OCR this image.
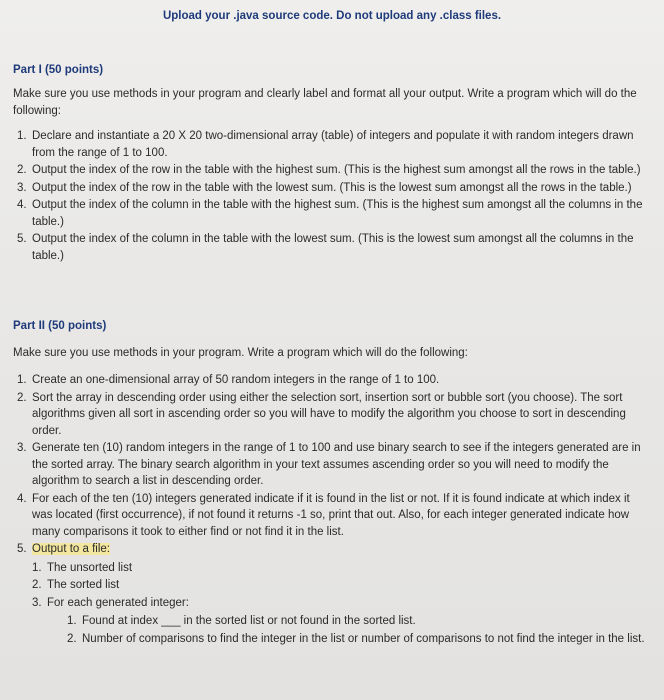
Upload your .java source code. Do not upload any .class files.
Part I (50 points)
Make sure you use methods in your program and clearly label and format all your output. Write a program which will do the following:
1. Declare and instantiate a 20 X 20 two-dimensional array (table) of integers and populate it with random integers drawn from the range of 1 to 100.
2. Output the index of the row in the table with the highest sum. (This is the highest sum amongst all the rows in the table.)
3. Output the index of the row in the table with the lowest sum. (This is the lowest sum amongst all the rows in the table.)
4. Output the index of the column in the table with the highest sum. (This is the highest sum amongst all the columns in the table.)
5. Output the index of the column in the table with the lowest sum. (This is the lowest sum amongst all the columns in the table.)
Part II (50 points)
Make sure you use methods in your program. Write a program which will do the following:
1. Create an one-dimensional array of 50 random integers in the range of 1 to 100.
2. Sort the array in descending order using either the selection sort, insertion sort or bubble sort (you choose). The sort algorithms given all sort in ascending order so you will have to modify the algorithm you choose to sort in descending order.
3. Generate ten (10) random integers in the range of 1 to 100 and use binary search to see if the integers generated are in the sorted array. The binary search algorithm in your text assumes ascending order so you will need to modify the algorithm to search a list in descending order.
4. For each of the ten (10) integers generated indicate if it is found in the list or not. If it is found indicate at which index it was located (first occurrence), if not found it returns -1 so, print that out. Also, for each integer generated indicate how many comparisons it took to either find or not find it in the list.
5. Output to a file:
1. The unsorted list
2. The sorted list
3. For each generated integer:
1. Found at index ___ in the sorted list or not found in the sorted list.
2. Number of comparisons to find the integer in the list or number of comparisons to not find the integer in the list.
